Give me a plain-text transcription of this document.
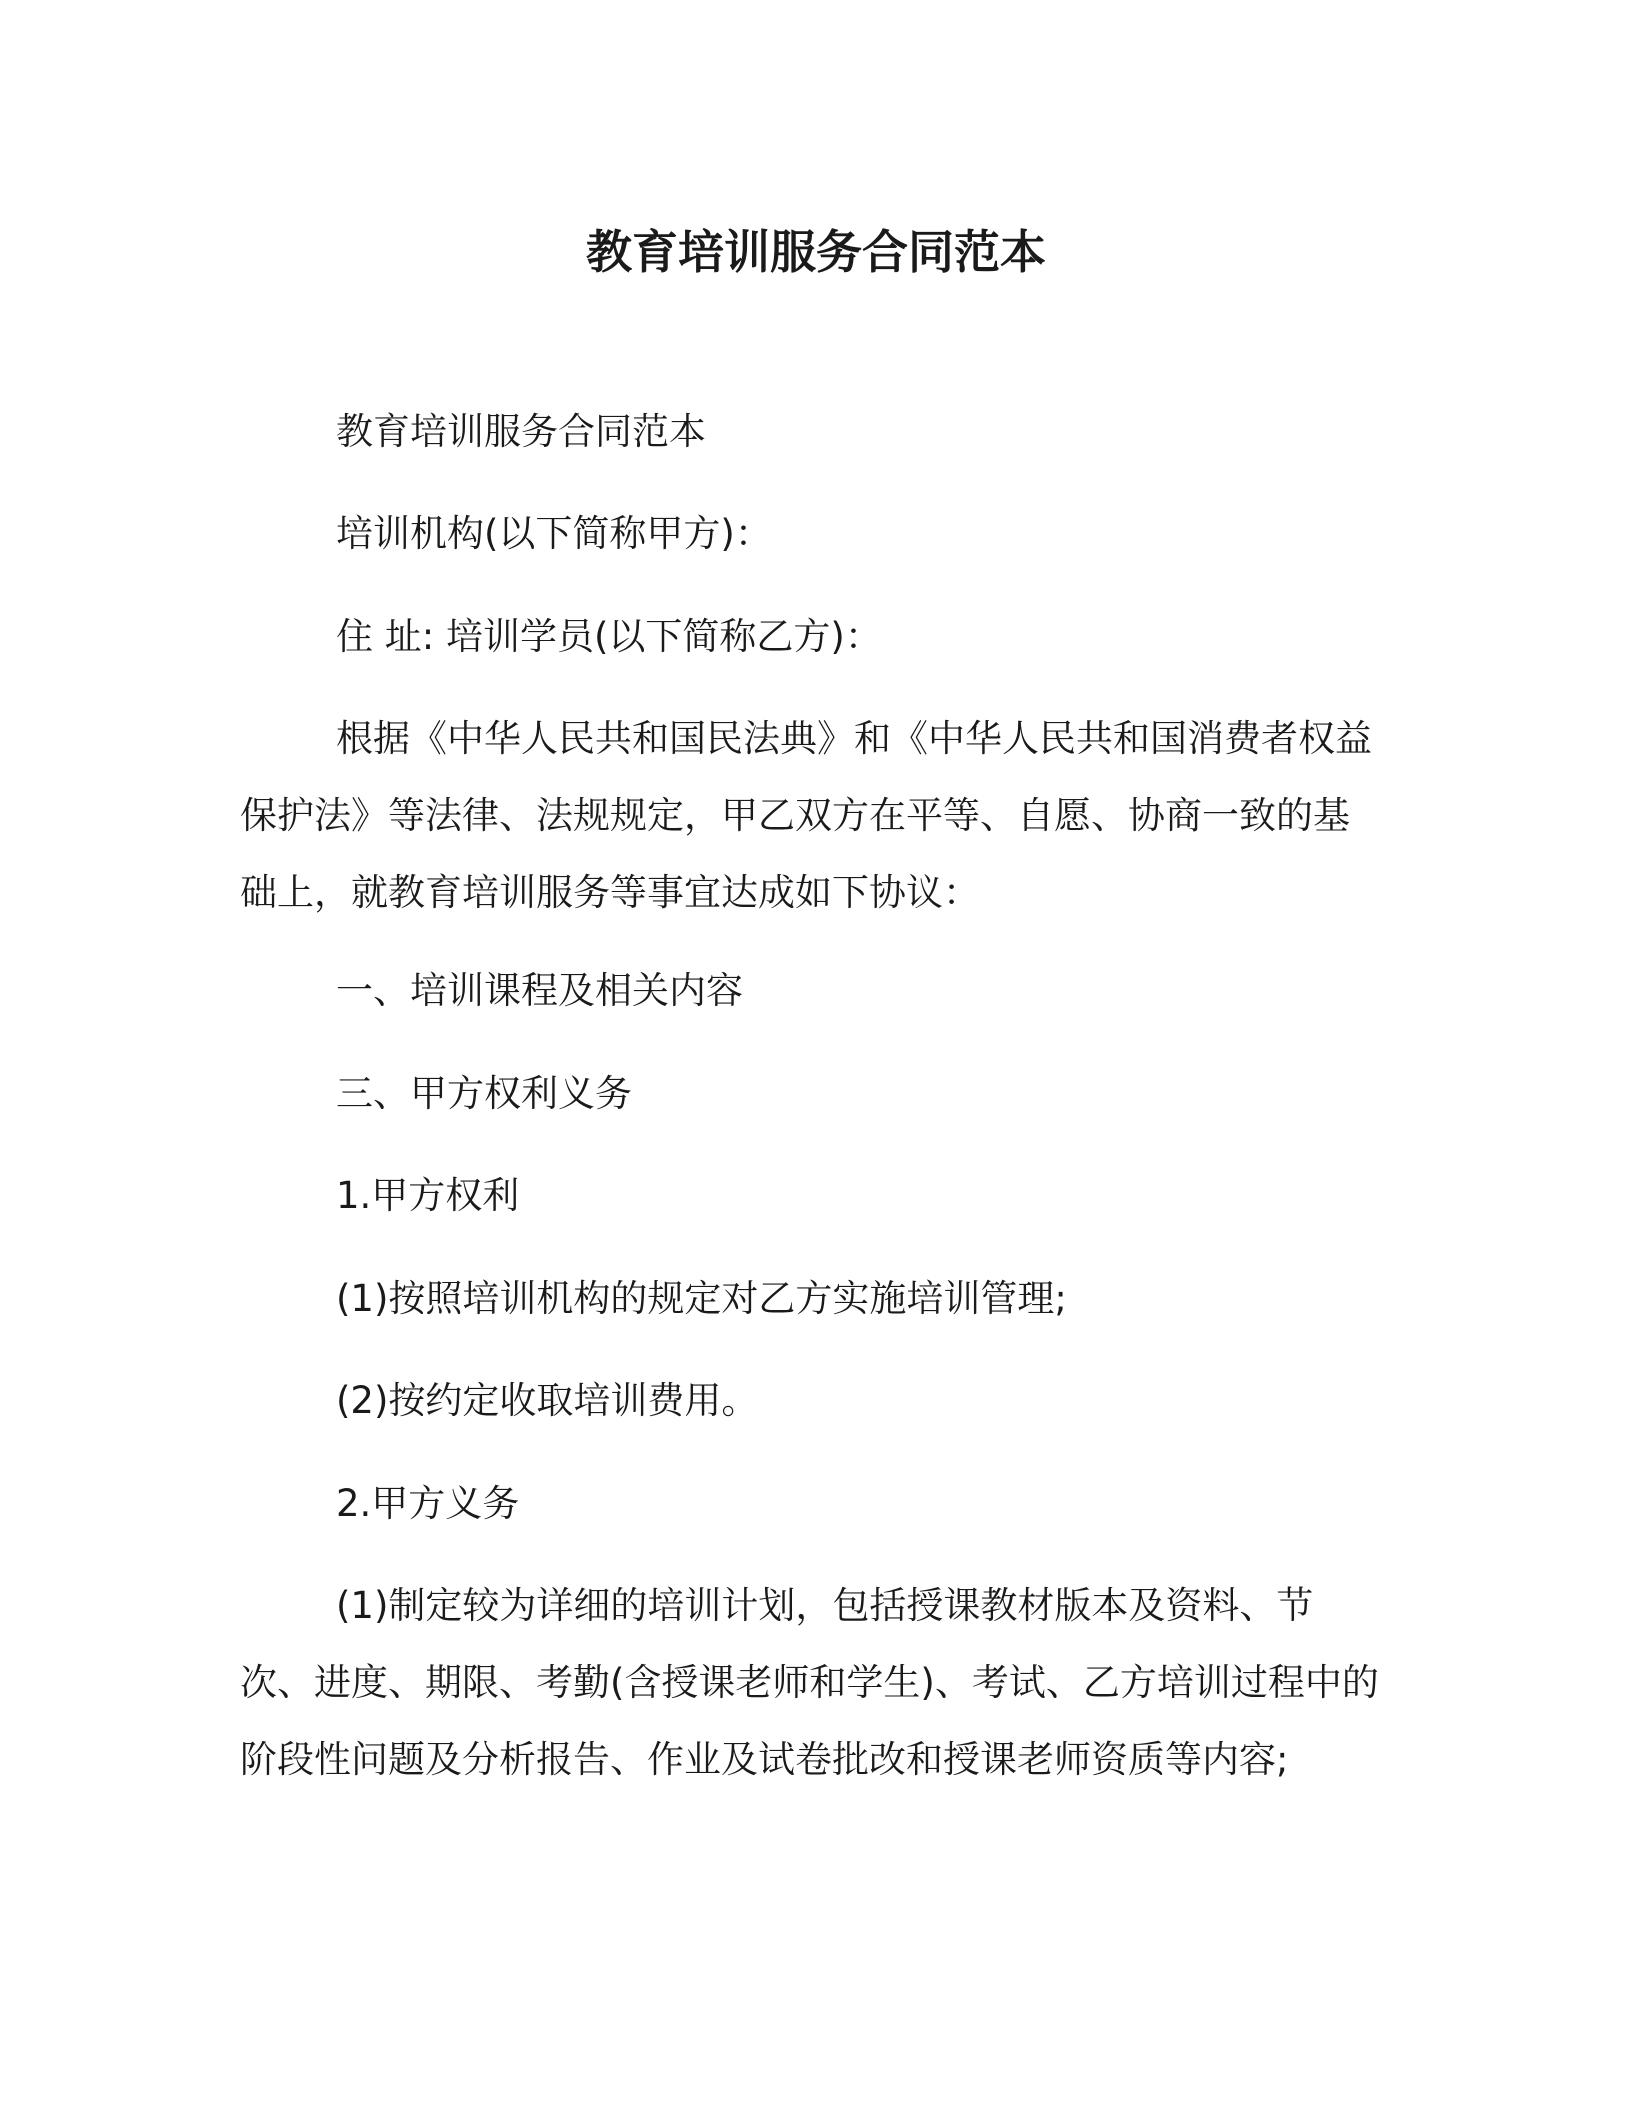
教育培训服务合同范本

教育培训服务合同范本

培训机构(以下简称甲方)：

住 址: 培训学员(以下简称乙方)：

根据《中华人民共和国民法典》和《中华人民共和国消费者权益保护法》等法律、法规规定，甲乙双方在平等、自愿、协商一致的基础上，就教育培训服务等事宜达成如下协议：

一、培训课程及相关内容

三、甲方权利义务

1.甲方权利

(1)按照培训机构的规定对乙方实施培训管理;

(2)按约定收取培训费用。

2.甲方义务

(1)制定较为详细的培训计划，包括授课教材版本及资料、节次、进度、期限、考勤(含授课老师和学生)、考试、乙方培训过程中的阶段性问题及分析报告、作业及试卷批改和授课老师资质等内容;
